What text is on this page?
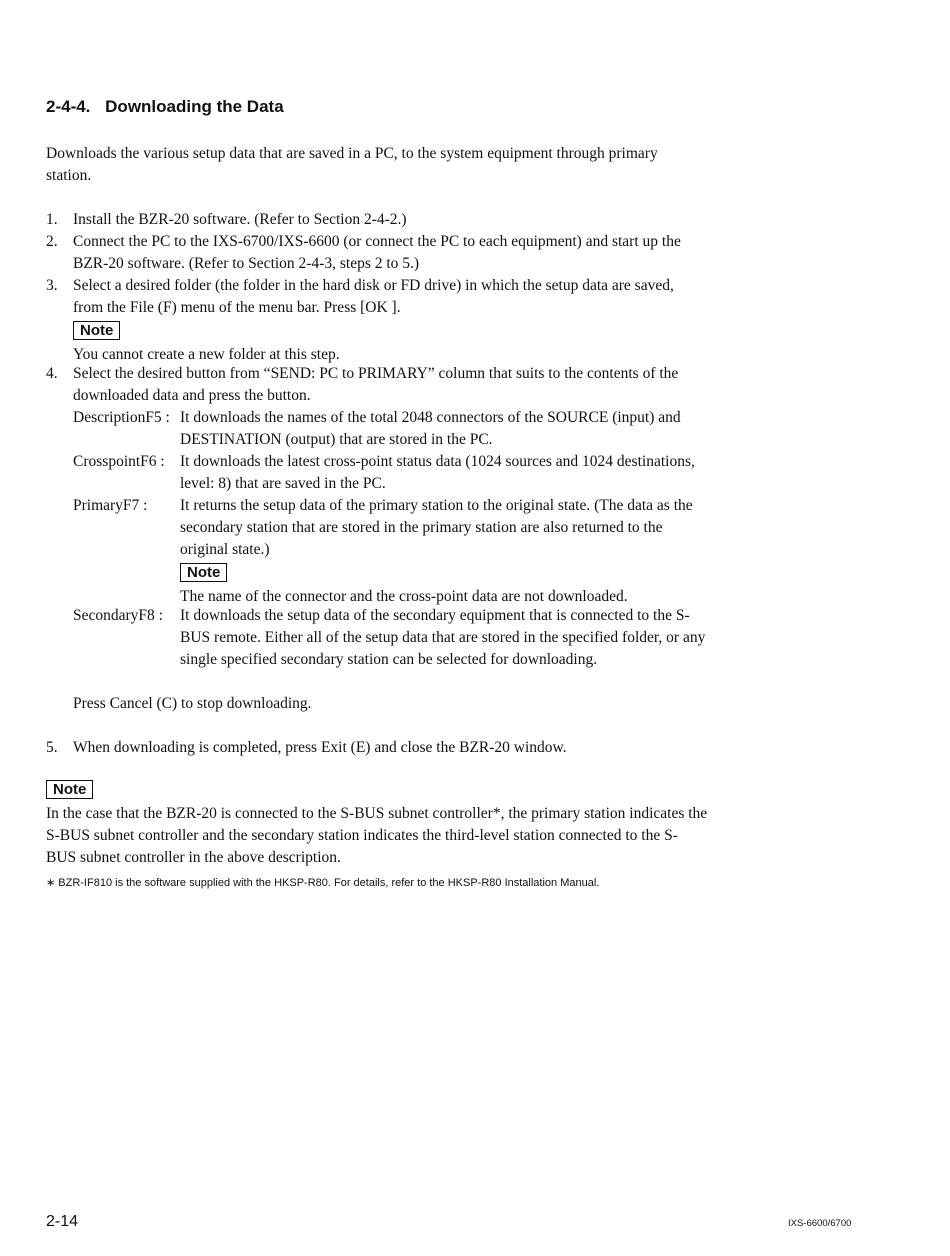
2-4-4. Downloading the Data
Downloads the various setup data that are saved in a PC, to the system equipment through primary
station.
1. Install the BZR-20 software. (Refer to Section 2-4-2.)
2. Connect the PC to the IXS-6700/IXS-6600 (or connect the PC to each equipment) and start up the
BZR-20 software. (Refer to Section 2-4-3, steps 2 to 5.)
3. Select a desired folder (the folder in the hard disk or FD drive) in which the setup data are saved,
from the File (F) menu of the menu bar. Press [OK ].
Note
You cannot create a new folder at this step.
4. Select the desired button from “SEND: PC to PRIMARY” column that suits to the contents of the
downloaded data and press the button.
DescriptionF5 : It downloads the names of the total 2048 connectors of the SOURCE (input) and
DESTINATION (output) that are stored in the PC.
CrosspointF6 : It downloads the latest cross-point status data (1024 sources and 1024 destinations,
level: 8) that are saved in the PC.
PrimaryF7 : It returns the setup data of the primary station to the original state. (The data as the
secondary station that are stored in the primary station are also returned to the
original state.)
Note
The name of the connector and the cross-point data are not downloaded.
SecondaryF8 : It downloads the setup data of the secondary equipment that is connected to the S-
BUS remote. Either all of the setup data that are stored in the specified folder, or any
single specified secondary station can be selected for downloading.
Press Cancel (C) to stop downloading.
5. When downloading is completed, press Exit (E) and close the BZR-20 window.
Note
In the case that the BZR-20 is connected to the S-BUS subnet controller*, the primary station indicates the
S-BUS subnet controller and the secondary station indicates the third-level station connected to the S-
BUS subnet controller in the above description.
∗ BZR-IF810 is the software supplied with the HKSP-R80. For details, refer to the HKSP-R80 Installation Manual.
2-14	IXS-6600/6700
